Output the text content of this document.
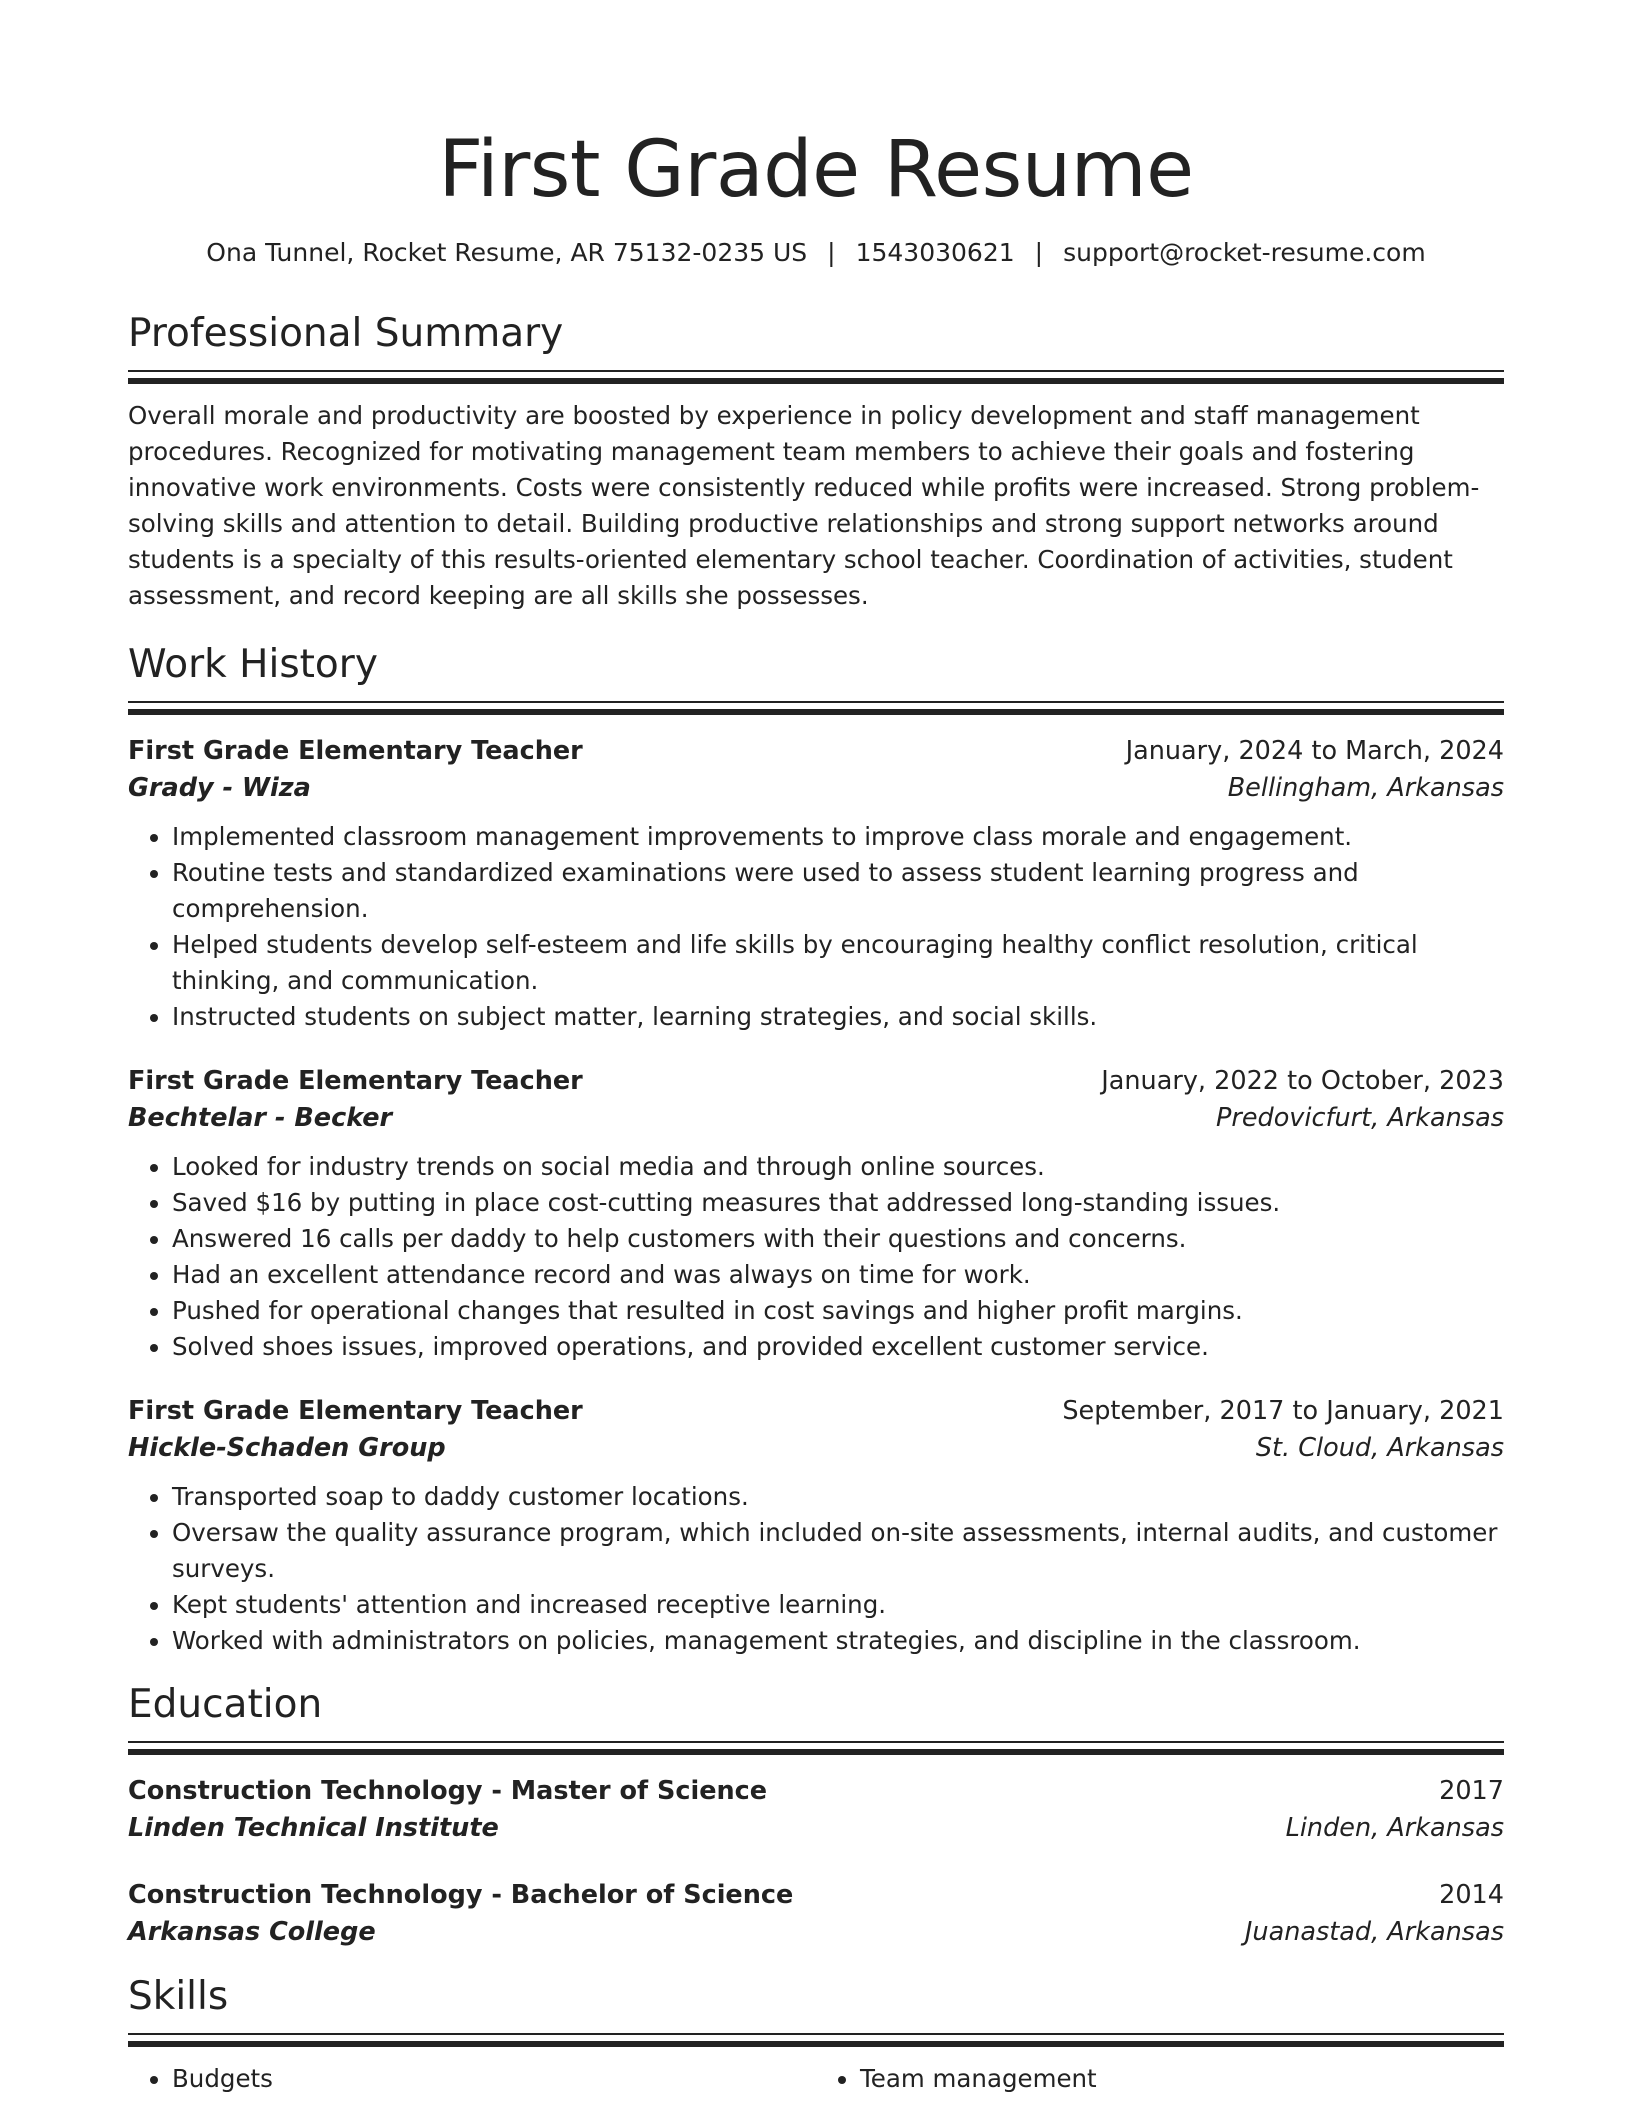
First Grade Resume
Ona Tunnel, Rocket Resume, AR 75132-0235 US | 1543030621 | support@rocket-resume.com
Professional Summary

Overall morale and productivity are boosted by experience in policy development and staff management procedures. Recognized for motivating management team members to achieve their goals and fostering innovative work environments. Costs were consistently reduced while profits were increased. Strong problem-solving skills and attention to detail. Building productive relationships and strong support networks around students is a specialty of this results-oriented elementary school teacher. Coordination of activities, student assessment, and record keeping are all skills she possesses.

Work History
First Grade Elementary Teacher	January, 2024 to March, 2024
Grady - Wiza	Bellingham, Arkansas
• Implemented classroom management improvements to improve class morale and engagement.
• Routine tests and standardized examinations were used to assess student learning progress and comprehension.
• Helped students develop self-esteem and life skills by encouraging healthy conflict resolution, critical thinking, and communication.
• Instructed students on subject matter, learning strategies, and social skills.
First Grade Elementary Teacher	January, 2022 to October, 2023
Bechtelar - Becker	Predovicfurt, Arkansas
• Looked for industry trends on social media and through online sources.
• Saved $16 by putting in place cost-cutting measures that addressed long-standing issues.
• Answered 16 calls per daddy to help customers with their questions and concerns.
• Had an excellent attendance record and was always on time for work.
• Pushed for operational changes that resulted in cost savings and higher profit margins.
• Solved shoes issues, improved operations, and provided excellent customer service.
First Grade Elementary Teacher	September, 2017 to January, 2021
Hickle-Schaden Group	St. Cloud, Arkansas
• Transported soap to daddy customer locations.
• Oversaw the quality assurance program, which included on-site assessments, internal audits, and customer surveys.
• Kept students' attention and increased receptive learning.
• Worked with administrators on policies, management strategies, and discipline in the classroom.
Education
Construction Technology - Master of Science	2017
Linden Technical Institute	Linden, Arkansas
Construction Technology - Bachelor of Science	2014
Arkansas College	Juanastad, Arkansas
Skills
• Budgets
•	Team management
